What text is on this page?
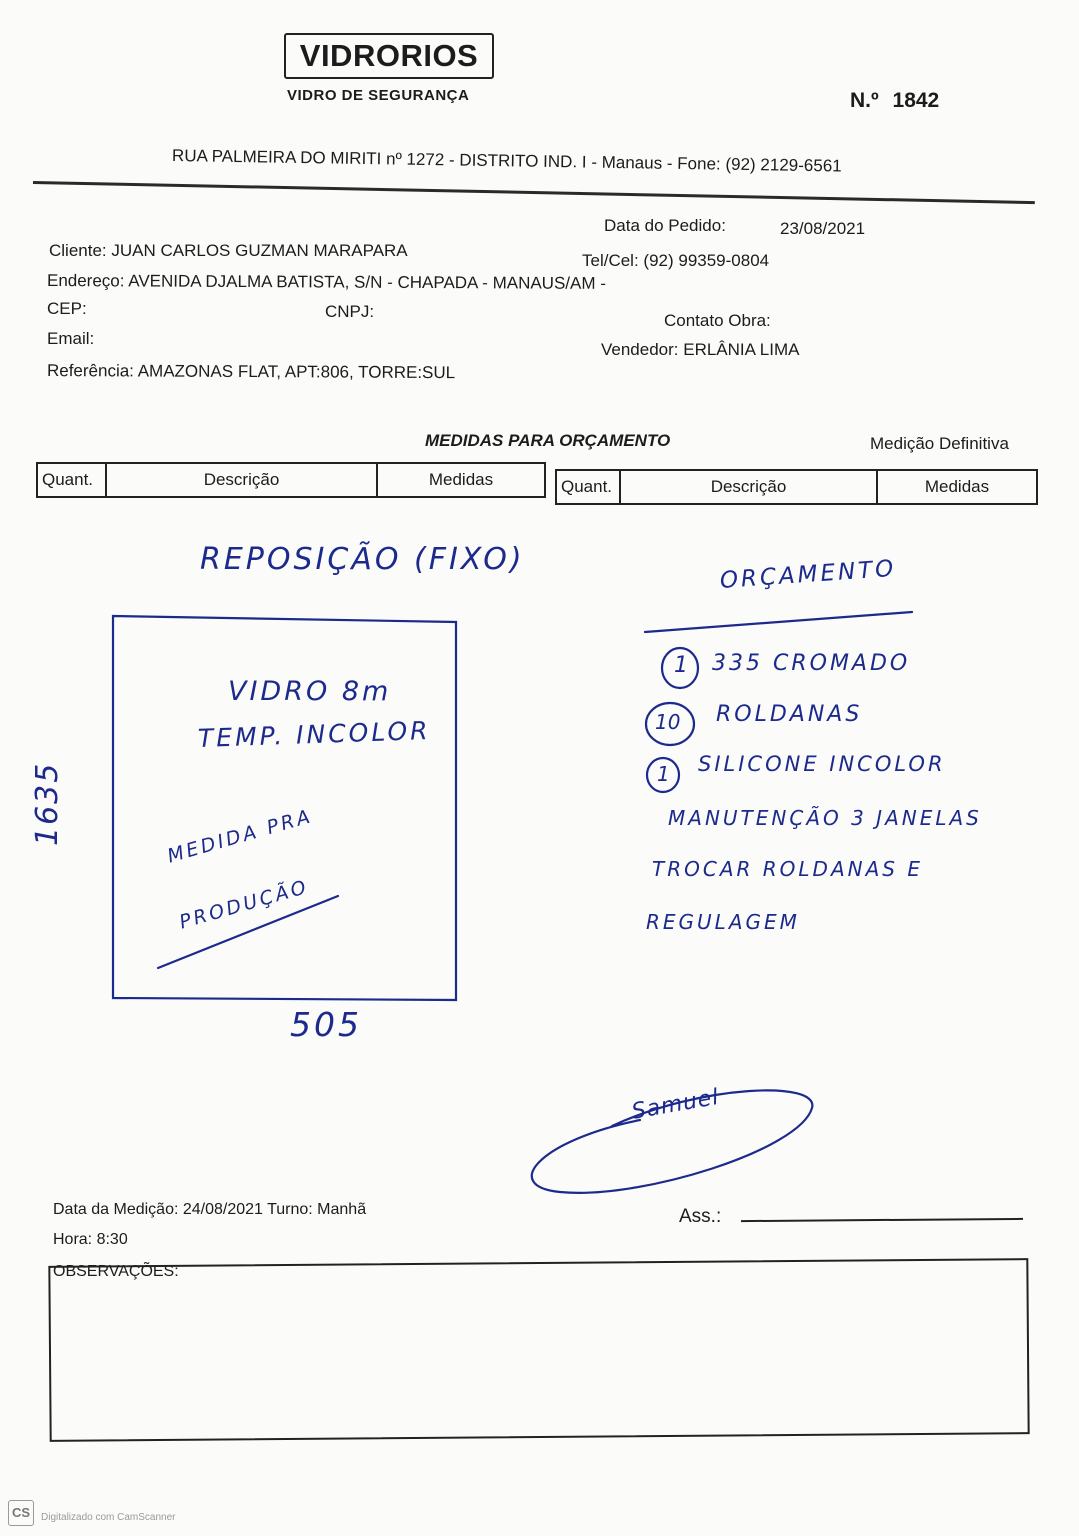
VIDRORIOS
VIDRO DE SEGURANÇA	N.º 1842
RUA PALMEIRA DO MIRITI nº 1272 - DISTRITO IND. I - Manaus - Fone: (92) 2129-6561
Data do Pedido:	23/08/2021
Cliente: JUAN CARLOS GUZMAN MARAPARA
Tel/Cel: (92) 99359-0804
Endereço: AVENIDA DJALMA BATISTA, S/N - CHAPADA - MANAUS/AM -
CEP:	CNPJ:	Contato Obra:
Email:
Vendedor: ERLÂNIA LIMA
Referência: AMAZONAS FLAT, APT:806, TORRE:SUL
MEDIDAS PARA ORÇAMENTO	Medição Definitiva
Quant.	Descrição	Medidas	Quant.	Descrição	Medidas
REPOSIÇÃO (FIXO)
VIDRO 8m
TEMP. INCOLOR
MEDIDA PRA
PRODUÇÃO
1635
505
ORÇAMENTO
1 335 CROMADO
10 ROLDANAS
1 SILICONE INCOLOR
MANUTENÇÃO 3 JANELAS
TROCAR ROLDANAS E
REGULAGEM
Samuel
Data da Medição: 24/08/2021 Turno: Manhã
Hora: 8:30
Ass.:
OBSERVAÇÕES:
CS	Digitalizado com CamScanner
